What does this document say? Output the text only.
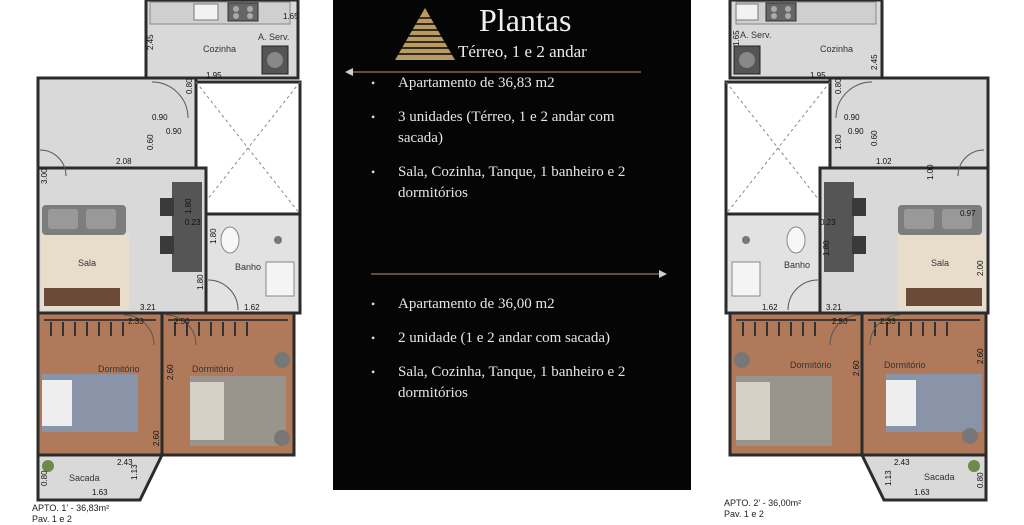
Cozinha
A. Serv.
Sala	Banho
Dormitório	Dormitório
Sacada
2.45
1.65
1.95
0.80
0.90
0.90
0.60
2.08
3.00
1.80
0.23
1.80
1.80
1.62
3.21
2.33	2.50
2.60
2.60
2.43
0.80	1.13
1.63
APTO. 1' - 36,83m²
Pav. 1 e 2
Plantas
Térreo, 1 e 2 andar
• Apartamento de 36,83 m2
• 3 unidades (Térreo, 1 e 2 andar com sacada)
• Sala, Cozinha, Tanque, 1 banheiro e 2 dormitórios
• Apartamento de 36,00 m2
• 2 unidade (1 e 2 andar com sacada)
• Sala, Cozinha, Tanque, 1 banheiro e 2 dormitórios
Cozinha
A. Serv.
Sala
Banho
Dormitório	Dormitório
Sacada
1.65
1.95
2.45
0.80
0.90
0.90 0.60
1.02
1.00
0.97
0.23
1.80
1.80
2.00
1.62	3.21
2.50	2.33
2.60
2.60
2.43
1.13	0.80
1.63
APTO. 2' - 36,00m²
Pav. 1 e 2
